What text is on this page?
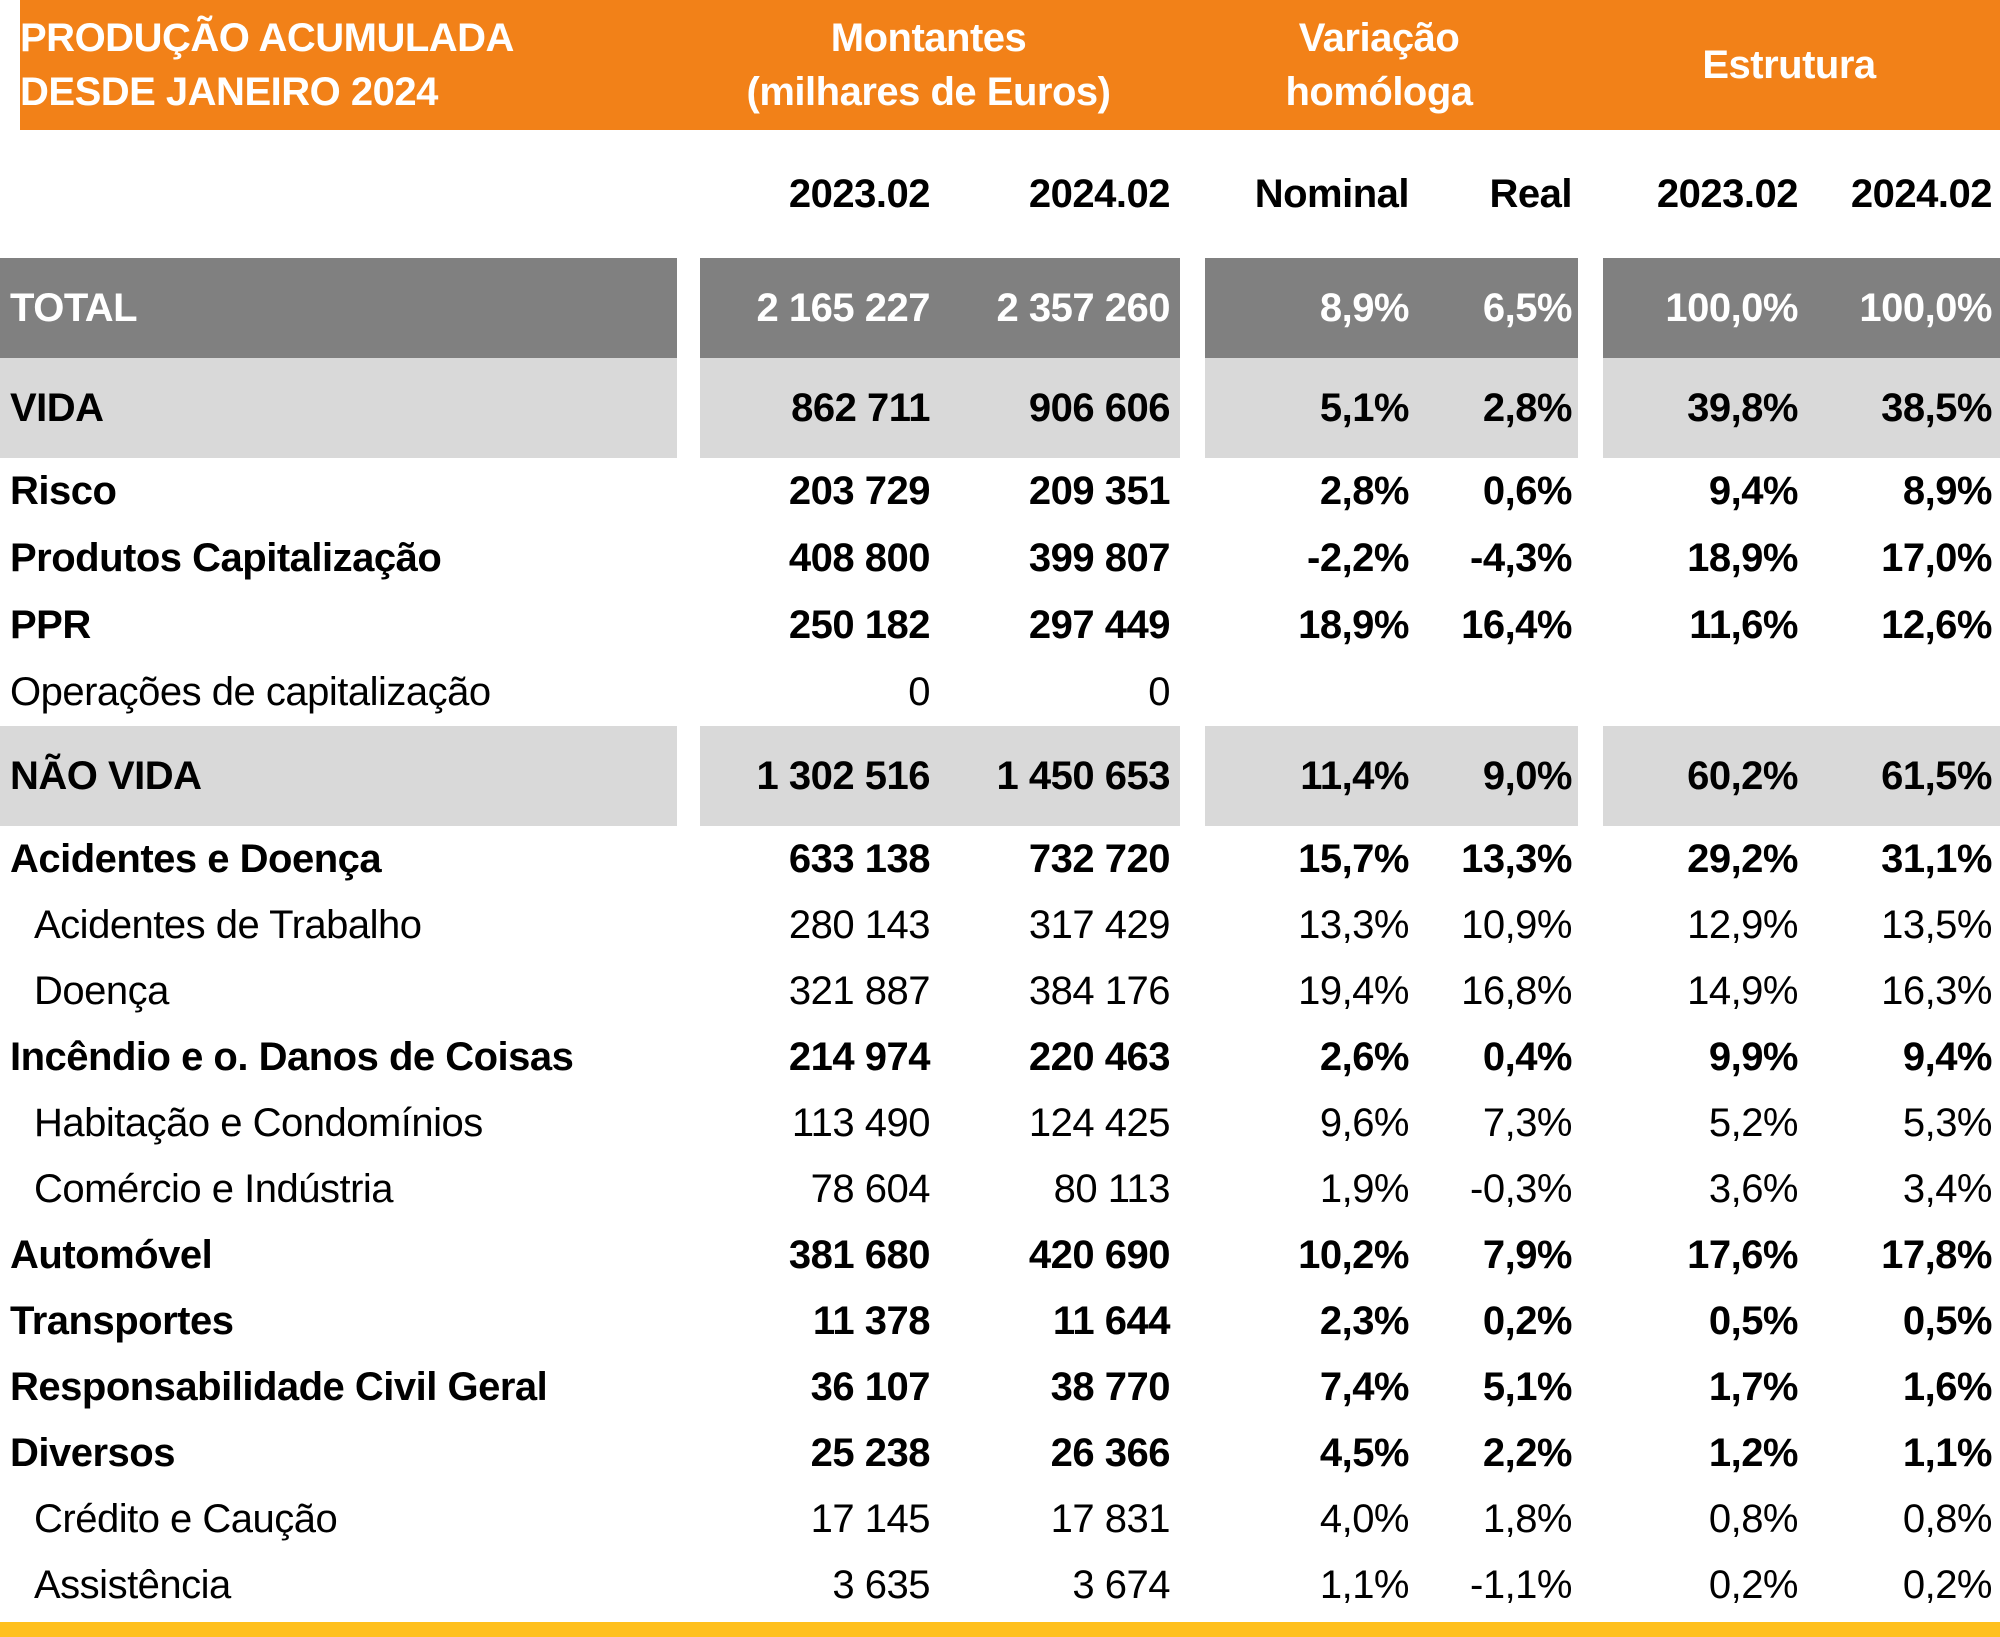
PRODUÇÃO ACUMULADA
DESDE JANEIRO 2024
Montantes
(milhares de Euros)
Variação
homóloga
Estrutura
2023.02	2024.02	Nominal	Real	2023.02	2024.02
TOTAL	2 165 227	2 357 260	8,9%	6,5%	100,0%	100,0%
VIDA	862 711	906 606	5,1%	2,8%	39,8%	38,5%
Risco	203 729	209 351	2,8%	0,6%	9,4%	8,9%
Produtos Capitalização	408 800	399 807	-2,2%	-4,3%	18,9%	17,0%
PPR	250 182	297 449	18,9%	16,4%	11,6%	12,6%
Operações de capitalização	0	0
NÃO VIDA	1 302 516	1 450 653	11,4%	9,0%	60,2%	61,5%
Acidentes e Doença	633 138	732 720	15,7%	13,3%	29,2%	31,1%
Acidentes de Trabalho	280 143	317 429	13,3%	10,9%	12,9%	13,5%
Doença	321 887	384 176	19,4%	16,8%	14,9%	16,3%
Incêndio e o. Danos de Coisas	214 974	220 463	2,6%	0,4%	9,9%	9,4%
Habitação e Condomínios	113 490	124 425	9,6%	7,3%	5,2%	5,3%
Comércio e Indústria	78 604	80 113	1,9%	-0,3%	3,6%	3,4%
Automóvel	381 680	420 690	10,2%	7,9%	17,6%	17,8%
Transportes	11 378	11 644	2,3%	0,2%	0,5%	0,5%
Responsabilidade Civil Geral	36 107	38 770	7,4%	5,1%	1,7%	1,6%
Diversos	25 238	26 366	4,5%	2,2%	1,2%	1,1%
Crédito e Caução	17 145	17 831	4,0%	1,8%	0,8%	0,8%
Assistência	3 635	3 674	1,1%	-1,1%	0,2%	0,2%
